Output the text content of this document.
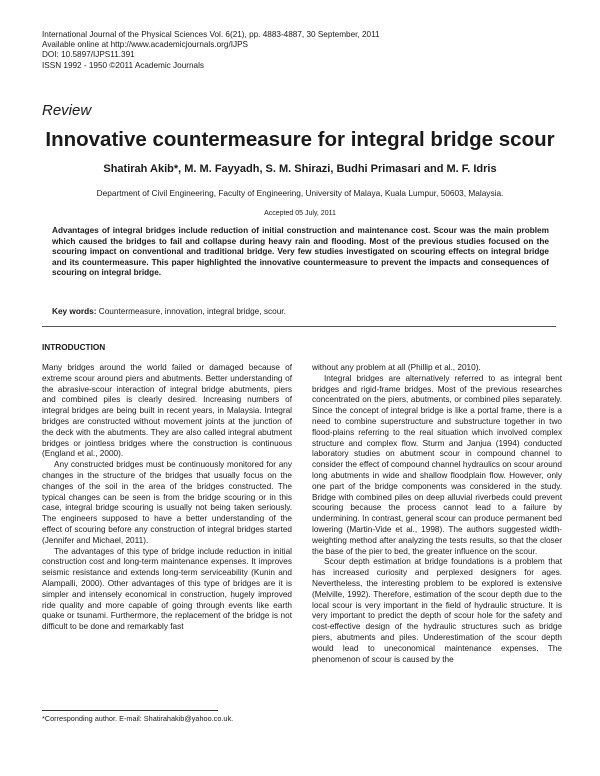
International Journal of the Physical Sciences Vol. 6(21), pp. 4883-4887, 30 September, 2011
Available online at http://www.academicjournals.org/IJPS
DOI: 10.5897/IJPS11.391
ISSN 1992 - 1950 ©2011 Academic Journals
Review
Innovative countermeasure for integral bridge scour
Shatirah Akib*, M. M. Fayyadh, S. M. Shirazi, Budhi Primasari and M. F. Idris
Department of Civil Engineering, Faculty of Engineering, University of Malaya, Kuala Lumpur, 50603, Malaysia.
Accepted 05 July, 2011
Advantages of integral bridges include reduction of initial construction and maintenance cost. Scour was the main problem which caused the bridges to fail and collapse during heavy rain and flooding. Most of the previous studies focused on the scouring impact on conventional and traditional bridge. Very few studies investigated on scouring effects on integral bridge and its countermeasure. This paper highlighted the innovative countermeasure to prevent the impacts and consequences of scouring on integral bridge.
Key words: Countermeasure, innovation, integral bridge, scour.
INTRODUCTION

Many bridges around the world failed or damaged because of extreme scour around piers and abutments. Better understanding of the abrasive-scour interaction of integral bridge abutments, piers and combined piles is clearly desired. Increasing numbers of integral bridges are being built in recent years, in Malaysia. Integral bridges are constructed without movement joints at the junction of the deck with the abutments. They are also called integral abutment bridges or jointless bridges where the construction is continuous (England et al., 2000).

Any constructed bridges must be continuously monitored for any changes in the structure of the bridges that usually focus on the changes of the soil in the area of the bridges constructed. The typical changes can be seen is from the bridge scouring or in this case, integral bridge scouring is usually not being taken seriously. The engineers supposed to have a better understanding of the effect of scouring before any construction of integral bridges started (Jennifer and Michael, 2011).

The advantages of this type of bridge include reduction in initial construction cost and long-term maintenance expenses. It improves seismic resistance and extends long-term serviceability (Kunin and Alampalli, 2000). Other advantages of this type of bridges are it is simpler and intensely economical in construction, hugely improved ride quality and more capable of going through events like earth quake or tsunami. Furthermore, the replacement of the bridge is not difficult to be done and remarkably fast

without any problem at all (Phillip et al., 2010).

Integral bridges are alternatively referred to as integral bent bridges and rigid-frame bridges. Most of the previous researches concentrated on the piers, abutments, or combined piles separately. Since the concept of integral bridge is like a portal frame, there is a need to combine superstructure and substructure together in two flood-plains referring to the real situation which involved complex structure and complex flow. Sturm and Janjua (1994) conducted laboratory studies on abutment scour in compound channel to consider the effect of compound channel hydraulics on scour around long abutments in wide and shallow floodplain flow. However, only one part of the bridge components was considered in the study. Bridge with combined piles on deep alluvial riverbeds could prevent scouring because the process cannot lead to a failure by undermining. In contrast, general scour can produce permanent bed lowering (Martin-Vide et al., 1998). The authors suggested width-weighting method after analyzing the tests results, so that the closer the base of the pier to bed, the greater influence on the scour.

Scour depth estimation at bridge foundations is a problem that has increased curiosity and perplexed designers for ages. Nevertheless, the interesting problem to be explored is extensive (Melville, 1992). Therefore, estimation of the scour depth due to the local scour is very important in the field of hydraulic structure. It is very important to predict the depth of scour hole for the safety and cost-effective design of the hydraulic structures such as bridge piers, abutments and piles. Underestimation of the scour depth would lead to uneconomical maintenance expenses. The phenomenon of scour is caused by the

*Corresponding author. E-mail: Shatirahakib@yahoo.co.uk.
